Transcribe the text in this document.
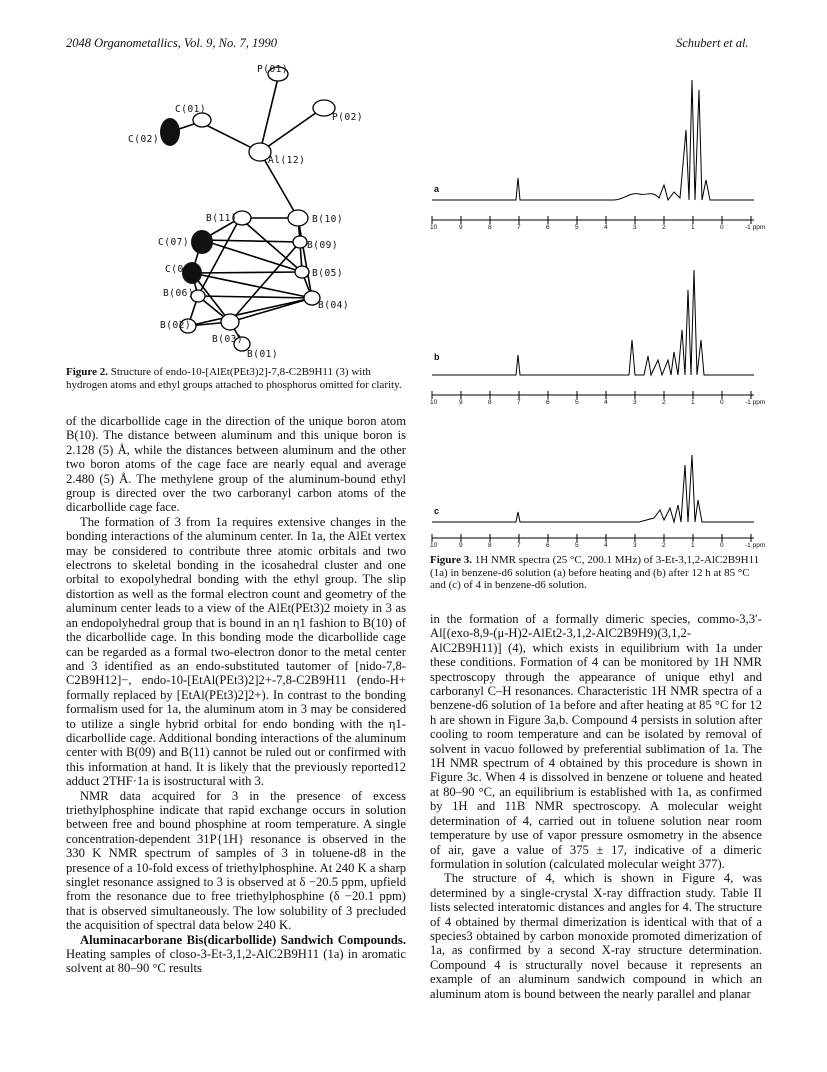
2048 Organometallics, Vol. 9, No. 7, 1990	Schubert et al.
P(01)
C(01)
P(02)
C(02)
Al(12)
B(11)	B(10)
C(07)	B(09)
C(08)	B(05)
B(06)
B(04)
B(02)
B(03)
B(01)
Figure 2. Structure of endo-10-[AlEt(PEt3)2]-7,8-C2B9H11 (3) with hydrogen atoms and ethyl groups attached to phosphorus omitted for clarity.
a
b
c
10	9	8	7	6	5	4	3	2	1	0	-1 ppm
10	9	8	7	6	5	4	3	2	1	0	-1 ppm
10	9	8	7	6	5	4	3	2	1	0	-1 ppm
Figure 3. 1H NMR spectra (25 °C, 200.1 MHz) of 3-Et-3,1,2-AlC2B9H11 (1a) in benzene-d6 solution (a) before heating and (b) after 12 h at 85 °C and (c) of 4 in benzene-d6 solution.

of the dicarbollide cage in the direction of the unique boron atom B(10). The distance between aluminum and this unique boron is 2.128 (5) Å, while the distances between aluminum and the other two boron atoms of the cage face are nearly equal and average 2.480 (5) Å. The methylene group of the aluminum-bound ethyl group is directed over the two carboranyl carbon atoms of the dicarbollide cage face.

The formation of 3 from 1a requires extensive changes in the bonding interactions of the aluminum center. In 1a, the AlEt vertex may be considered to contribute three atomic orbitals and two electrons to skeletal bonding in the icosahedral cluster and one orbital to exopolyhedral bonding with the ethyl group. The slip distortion as well as the formal electron count and geometry of the aluminum center leads to a view of the AlEt(PEt3)2 moiety in 3 as an endopolyhedral group that is bound in an η1 fashion to B(10) of the dicarbollide cage. In this bonding mode the dicarbollide cage can be regarded as a formal two-electron donor to the metal center and 3 identified as an endo-substituted tautomer of [nido-7,8-C2B9H12]−, endo-10-[EtAl(PEt3)2]2+-7,8-C2B9H11 (endo-H+ formally replaced by [EtAl(PEt3)2]2+). In contrast to the bonding formalism used for 1a, the aluminum atom in 3 may be considered to utilize a single hybrid orbital for endo bonding with the η1-dicarbollide cage. Additional bonding interactions of the aluminum center with B(09) and B(11) cannot be ruled out or confirmed with this information at hand. It is likely that the previously reported12 adduct 2THF·1a is isostructural with 3.

NMR data acquired for 3 in the presence of excess triethylphosphine indicate that rapid exchange occurs in solution between free and bound phosphine at room temperature. A single concentration-dependent 31P{1H} resonance is observed in the 330 K NMR spectrum of samples of 3 in toluene-d8 in the presence of a 10-fold excess of triethylphosphine. At 240 K a sharp singlet resonance assigned to 3 is observed at δ −20.5 ppm, upfield from the resonance due to free triethylphosphine (δ −20.1 ppm) that is observed simultaneously. The low solubility of 3 precluded the acquisition of spectral data below 240 K.

Aluminacarborane Bis(dicarbollide) Sandwich Compounds. Heating samples of closo-3-Et-3,1,2-AlC2B9H11 (1a) in aromatic solvent at 80–90 °C results

in the formation of a formally dimeric species, commo-3,3′-Al[(exo-8,9-(μ-H)2-AlEt2-3,1,2-AlC2B9H9)(3,1,2-AlC2B9H11)] (4), which exists in equilibrium with 1a under these conditions. Formation of 4 can be monitored by 1H NMR spectroscopy through the appearance of unique ethyl and carboranyl C–H resonances. Characteristic 1H NMR spectra of a benzene-d6 solution of 1a before and after heating at 85 °C for 12 h are shown in Figure 3a,b. Compound 4 persists in solution after cooling to room temperature and can be isolated by removal of solvent in vacuo followed by preferential sublimation of 1a. The 1H NMR spectrum of 4 obtained by this procedure is shown in Figure 3c. When 4 is dissolved in benzene or toluene and heated at 80–90 °C, an equilibrium is established with 1a, as confirmed by 1H and 11B NMR spectroscopy. A molecular weight determination of 4, carried out in toluene solution near room temperature by use of vapor pressure osmometry in the absence of air, gave a value of 375 ± 17, indicative of a dimeric formulation in solution (calculated molecular weight 377).

The structure of 4, which is shown in Figure 4, was determined by a single-crystal X-ray diffraction study. Table II lists selected interatomic distances and angles for 4. The structure of 4 obtained by thermal dimerization is identical with that of a species3 obtained by carbon monoxide promoted dimerization of 1a, as confirmed by a second X-ray structure determination. Compound 4 is structurally novel because it represents an example of an aluminum sandwich compound in which an aluminum atom is bound between the nearly parallel and planar
